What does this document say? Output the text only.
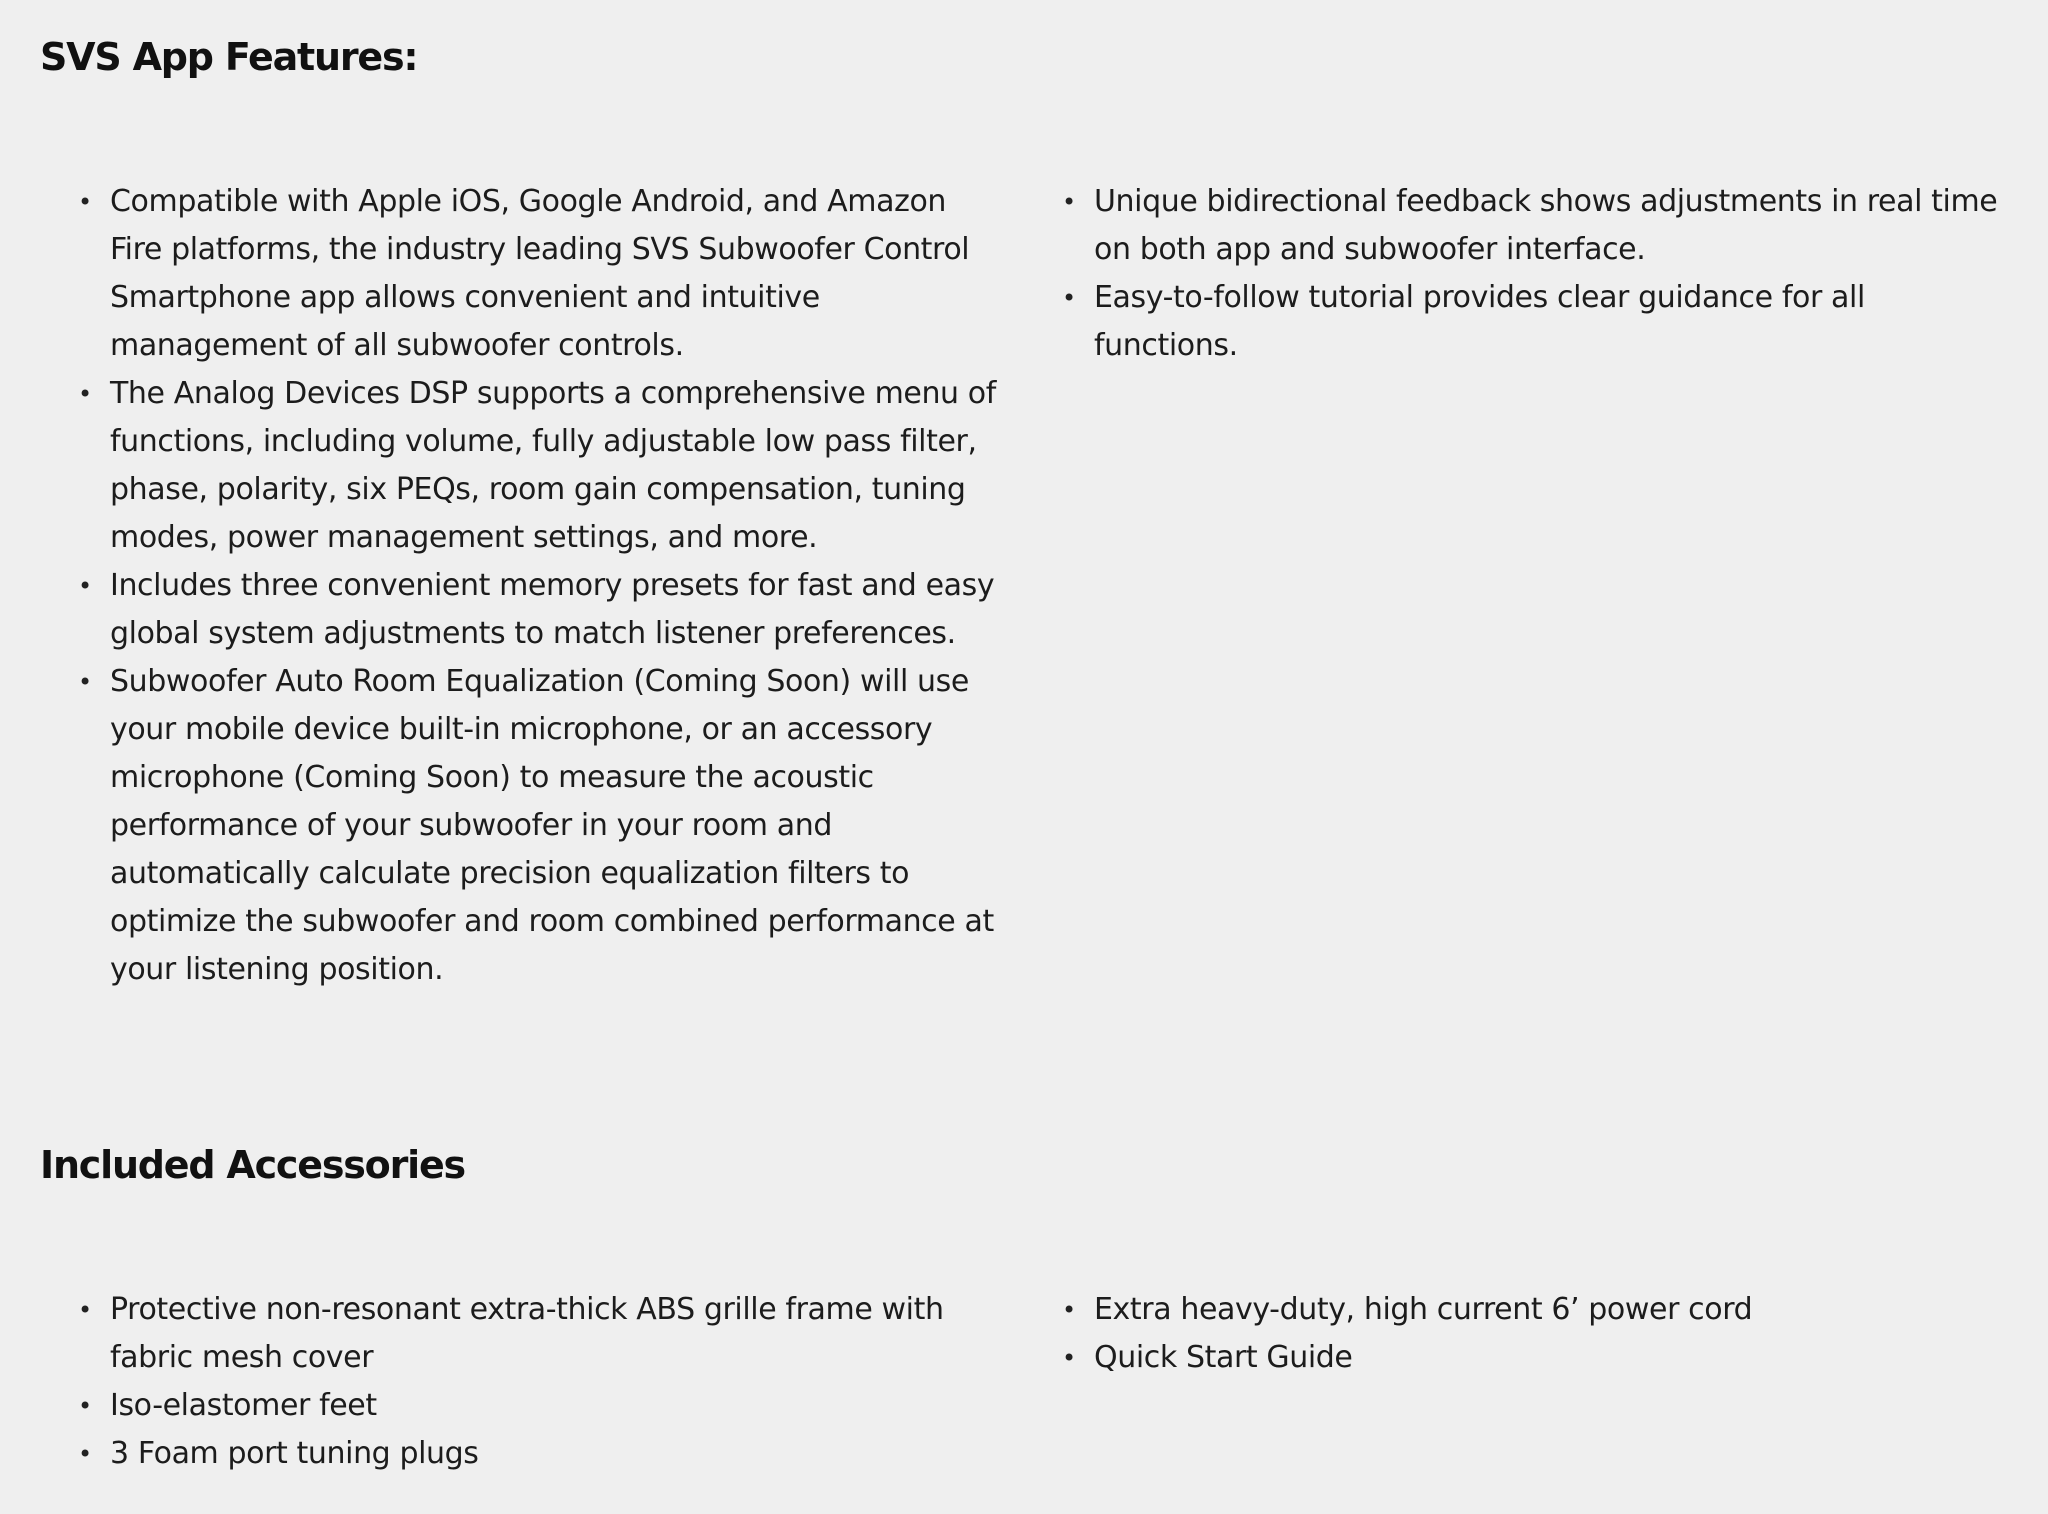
SVS App Features:
• Compatible with Apple iOS, Google Android, and Amazon Fire platforms, the industry leading SVS Subwoofer Control Smartphone app allows convenient and intuitive management of all subwoofer controls.
• The Analog Devices DSP supports a comprehensive menu of functions, including volume, fully adjustable low pass filter, phase, polarity, six PEQs, room gain compensation, tuning modes, power management settings, and more.
• Includes three convenient memory presets for fast and easy global system adjustments to match listener preferences.
• Subwoofer Auto Room Equalization (Coming Soon) will use your mobile device built-in microphone, or an accessory microphone (Coming Soon) to measure the acoustic performance of your subwoofer in your room and automatically calculate precision equalization filters to optimize the subwoofer and room combined performance at your listening position.
• Unique bidirectional feedback shows adjustments in real time on both app and subwoofer interface.
• Easy-to-follow tutorial provides clear guidance for all functions.
Included Accessories
• Protective non-resonant extra-thick ABS grille frame with fabric mesh cover
• Iso-elastomer feet
• 3 Foam port tuning plugs
• Extra heavy-duty, high current 6’ power cord
• Quick Start Guide
